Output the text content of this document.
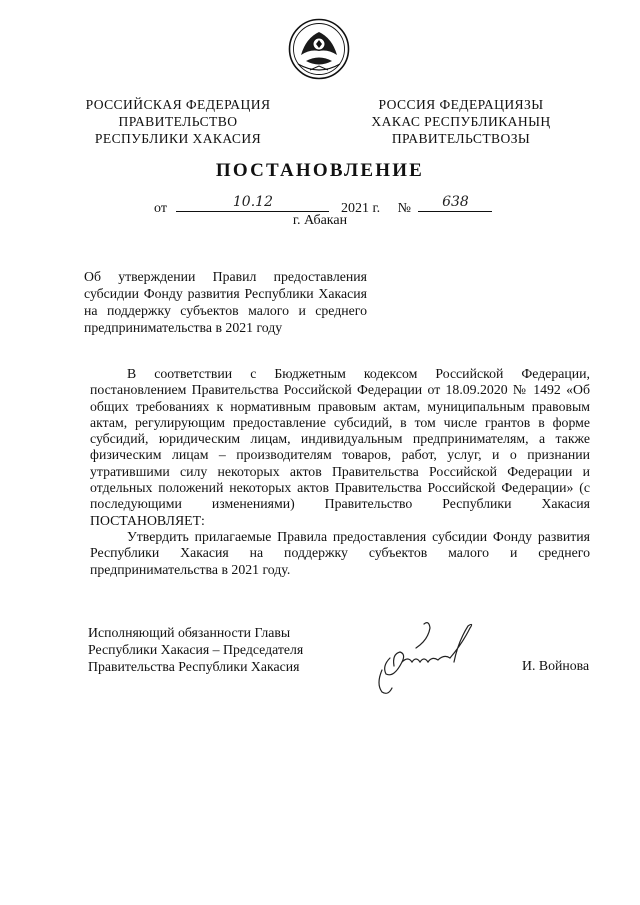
РОССИЙСКАЯ ФЕДЕРАЦИЯ
ПРАВИТЕЛЬСТВО
РЕСПУБЛИКИ ХАКАСИЯ
РОССИЯ ФЕДЕРАЦИЯЗЫ
ХАКАС РЕСПУБЛИКАНЫҢ
ПРАВИТЕЛЬСТВОЗЫ
ПОСТАНОВЛЕНИЕ
от	10.12	2021 г. №	638
г. Абакан
Об утверждении Правил предоставления субсидии Фонду развития Республики Хакасия на поддержку субъектов малого и среднего предпринимательства в 2021 году

В соответствии с Бюджетным кодексом Российской Федерации, постановлением Правительства Российской Федерации от 18.09.2020 № 1492 «Об общих требованиях к нормативным правовым актам, муниципальным правовым актам, регулирующим предоставление субсидий, в том числе грантов в форме субсидий, юридическим лицам, индивидуальным предпринимателям, а также физическим лицам – производителям товаров, работ, услуг, и о признании утратившими силу некоторых актов Правительства Российской Федерации и отдельных положений некоторых актов Правительства Российской Федерации» (с последующими изменениями) Правительство Республики Хакасия ПОСТАНОВЛЯЕТ:

Утвердить прилагаемые Правила предоставления субсидии Фонду развития Республики Хакасия на поддержку субъектов малого и среднего предпринимательства в 2021 году.

Исполняющий обязанности Главы
Республики Хакасия – Председателя
Правительства Республики Хакасия	И. Войнова
